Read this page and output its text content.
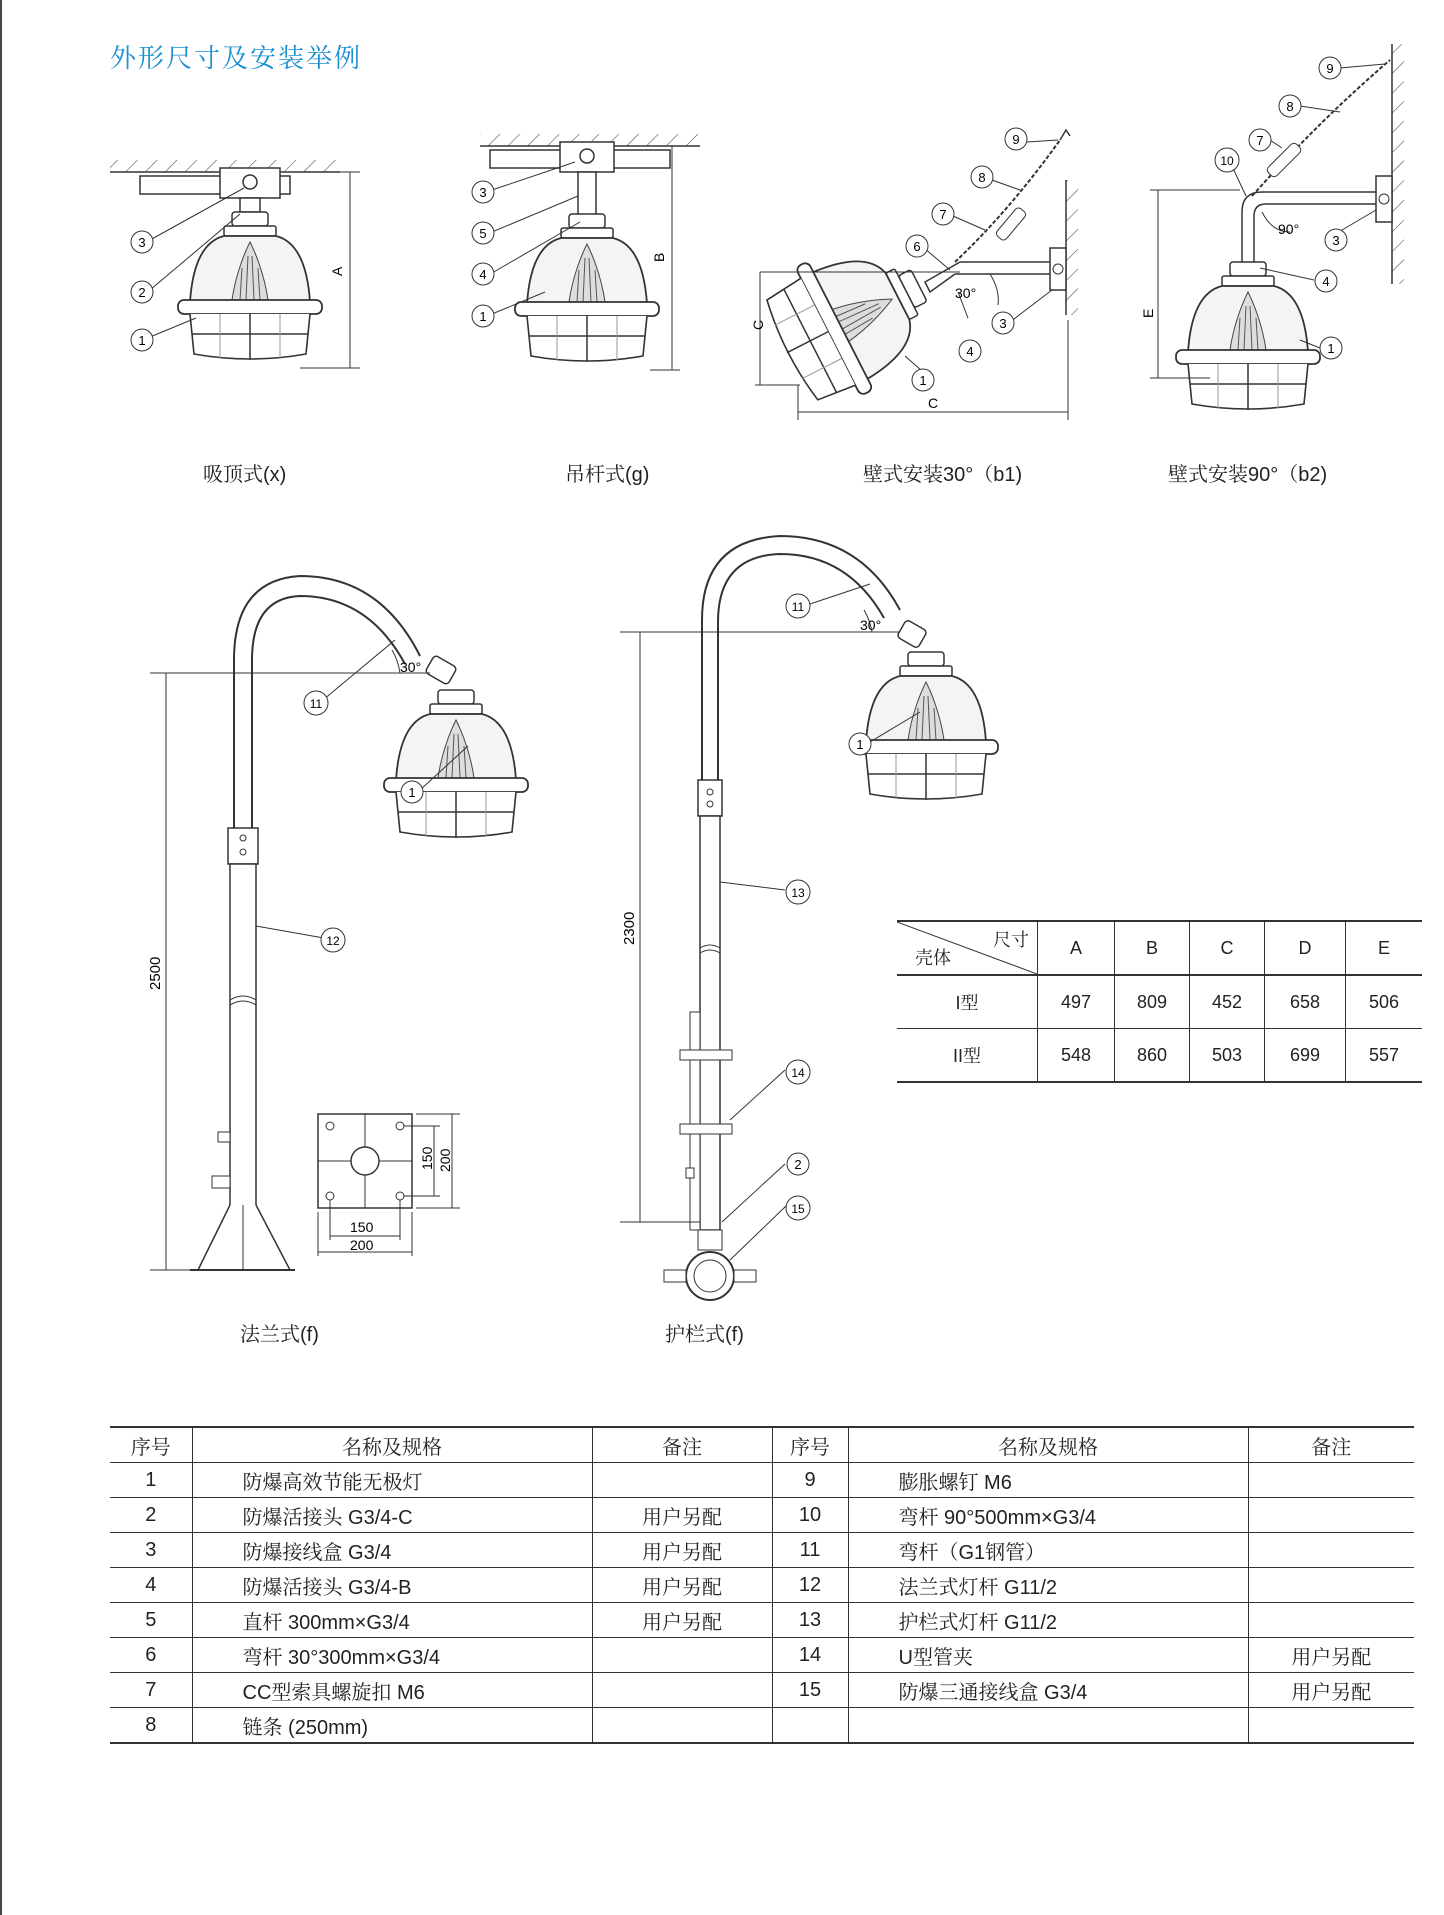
外形尺寸及安装举例
A
3
2
1
B
3
5
4
1
C
C
30°
9
8
7
6
4
1
3
E
90°
9
8
7
10
3
4
1
2500
30°
11
12
1
150
200
150 200
2300
30°
11
1
13
14
2
15
吸顶式(x)	吊杆式(g)	壁式安装30°（b1)	壁式安装90°（b2)
法兰式(f)	护栏式(f)
尺寸
壳体	A	B	C	D	E
I型	497	809	452	658	506
II型	548	860	503	699	557
序号	名称及规格	备注	序号	名称及规格	备注
1	防爆高效节能无极灯		9	膨胀螺钉 M6	
2	防爆活接头 G3/4-C	用户另配	10	弯杆 90°500mm×G3/4	
3	防爆接线盒 G3/4	用户另配	11	弯杆（G1钢管）	
4	防爆活接头 G3/4-B	用户另配	12	法兰式灯杆 G11/2	
5	直杆 300mm×G3/4	用户另配	13	护栏式灯杆 G11/2	
6	弯杆 30°300mm×G3/4		14	U型管夹	用户另配
7	CC型索具螺旋扣 M6		15	防爆三通接线盒 G3/4	用户另配
8	链条 (250mm)				
